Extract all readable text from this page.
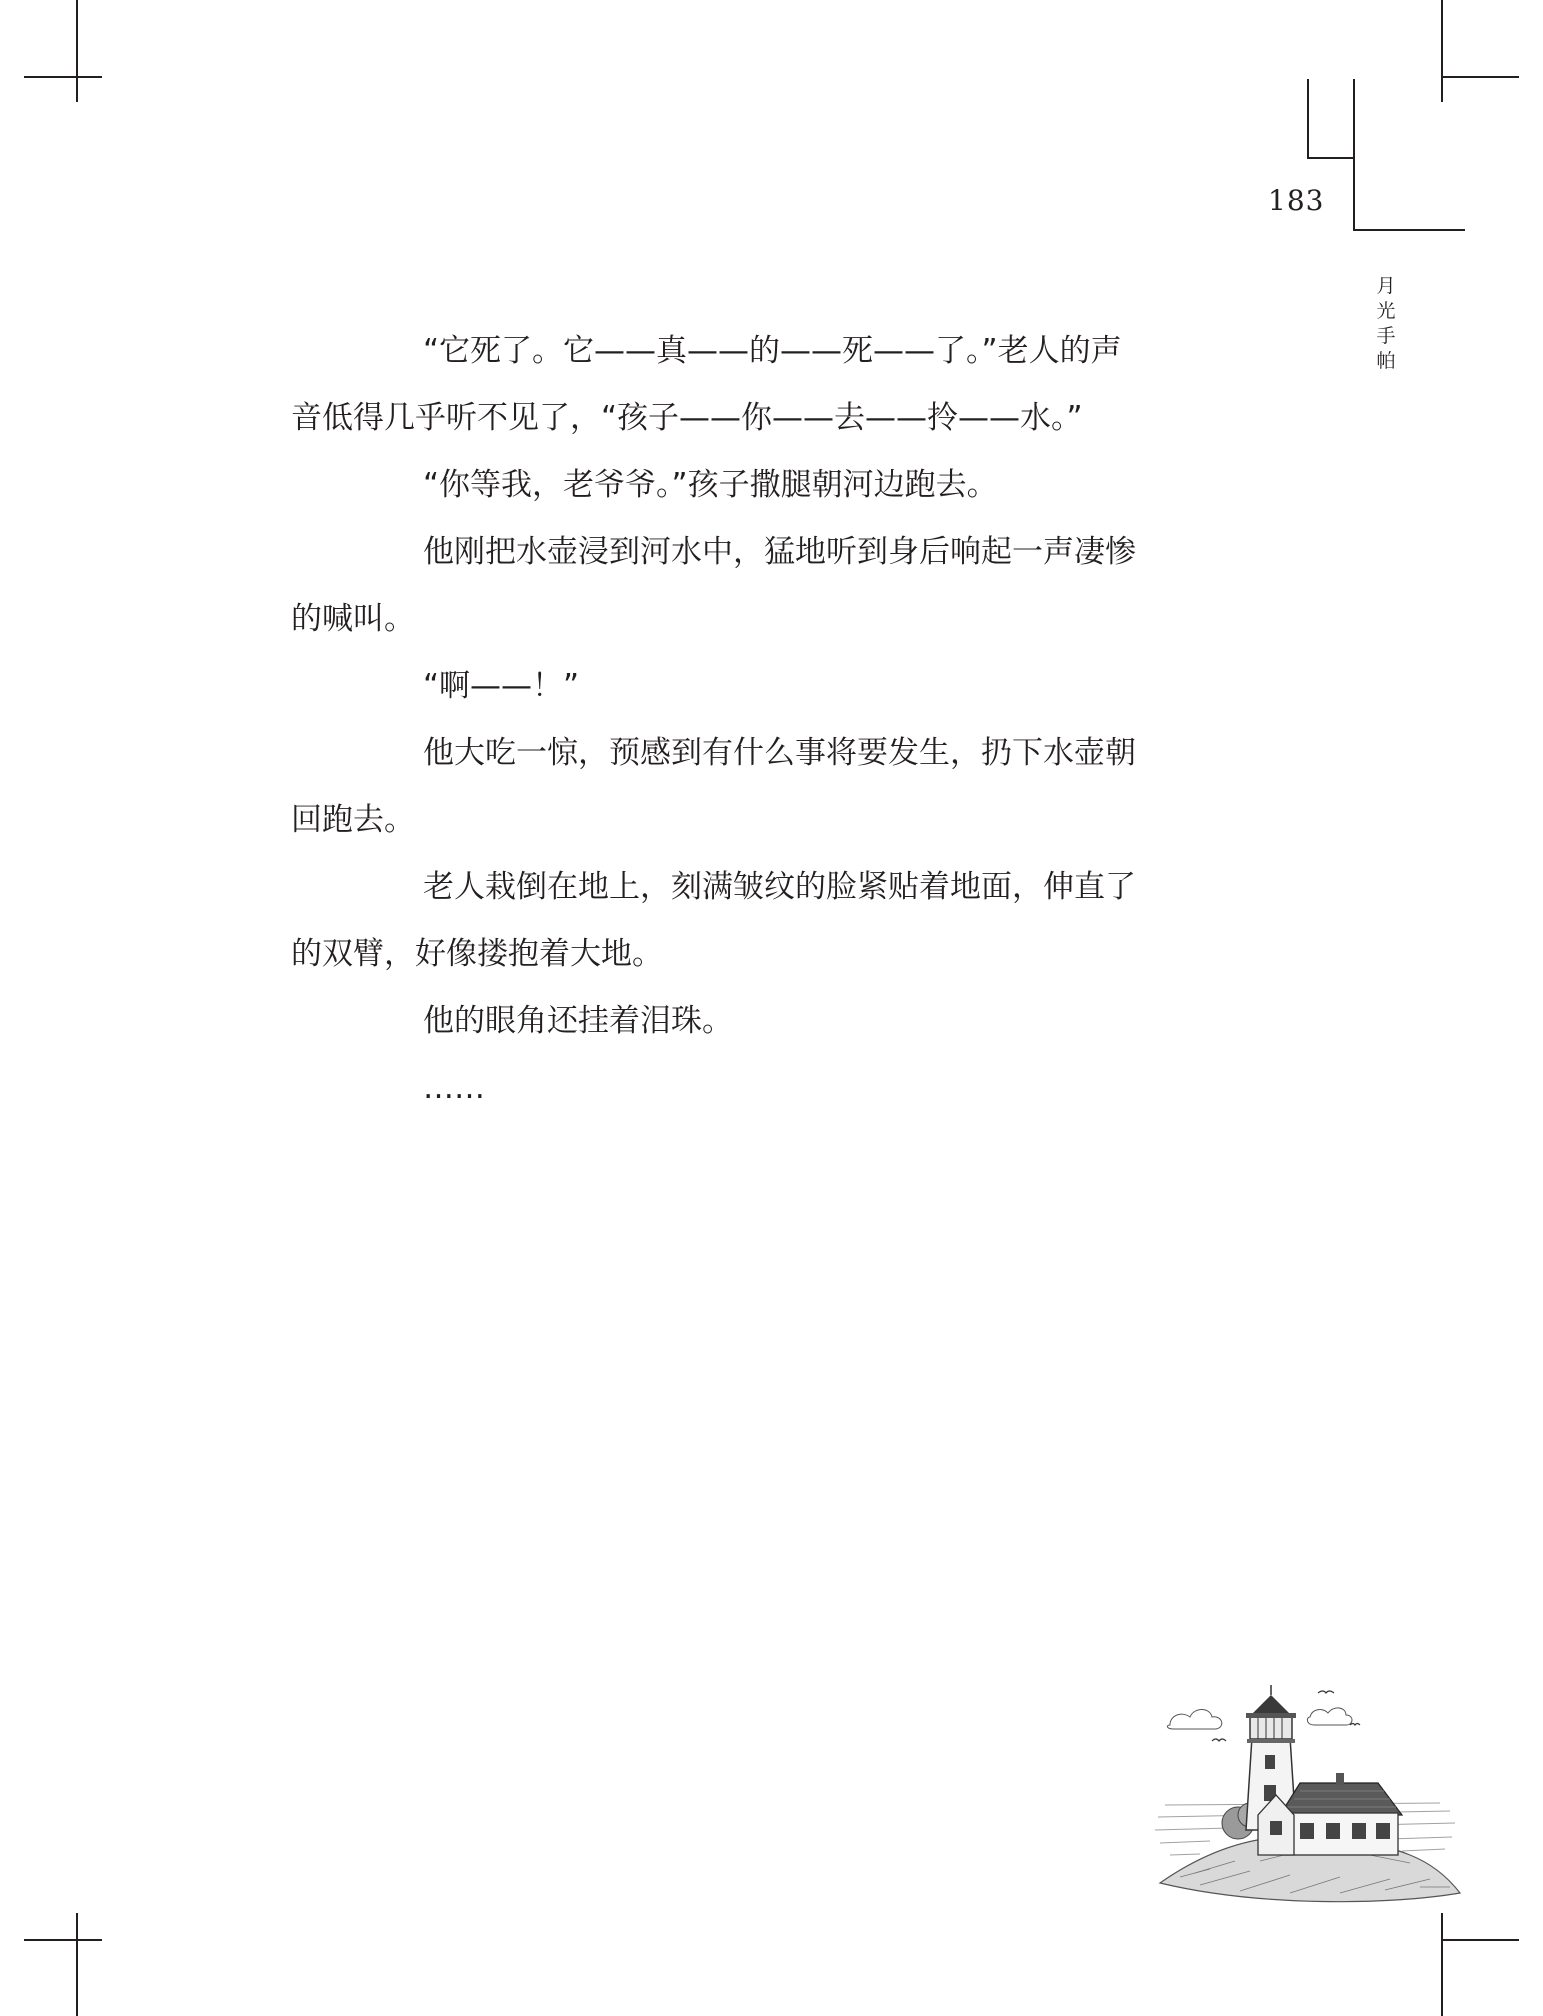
183
月
光
手
帕

“它死了。它——真——的——死——了。”老人的声
音低得几乎听不见了，“孩子——你——去——拎——水。”

“你等我，老爷爷。”孩子撒腿朝河边跑去。

他刚把水壶浸到河水中，猛地听到身后响起一声凄惨
的喊叫。

“啊——！”

他大吃一惊，预感到有什么事将要发生，扔下水壶朝
回跑去。

老人栽倒在地上，刻满皱纹的脸紧贴着地面，伸直了
的双臂，好像搂抱着大地。

他的眼角还挂着泪珠。

……
